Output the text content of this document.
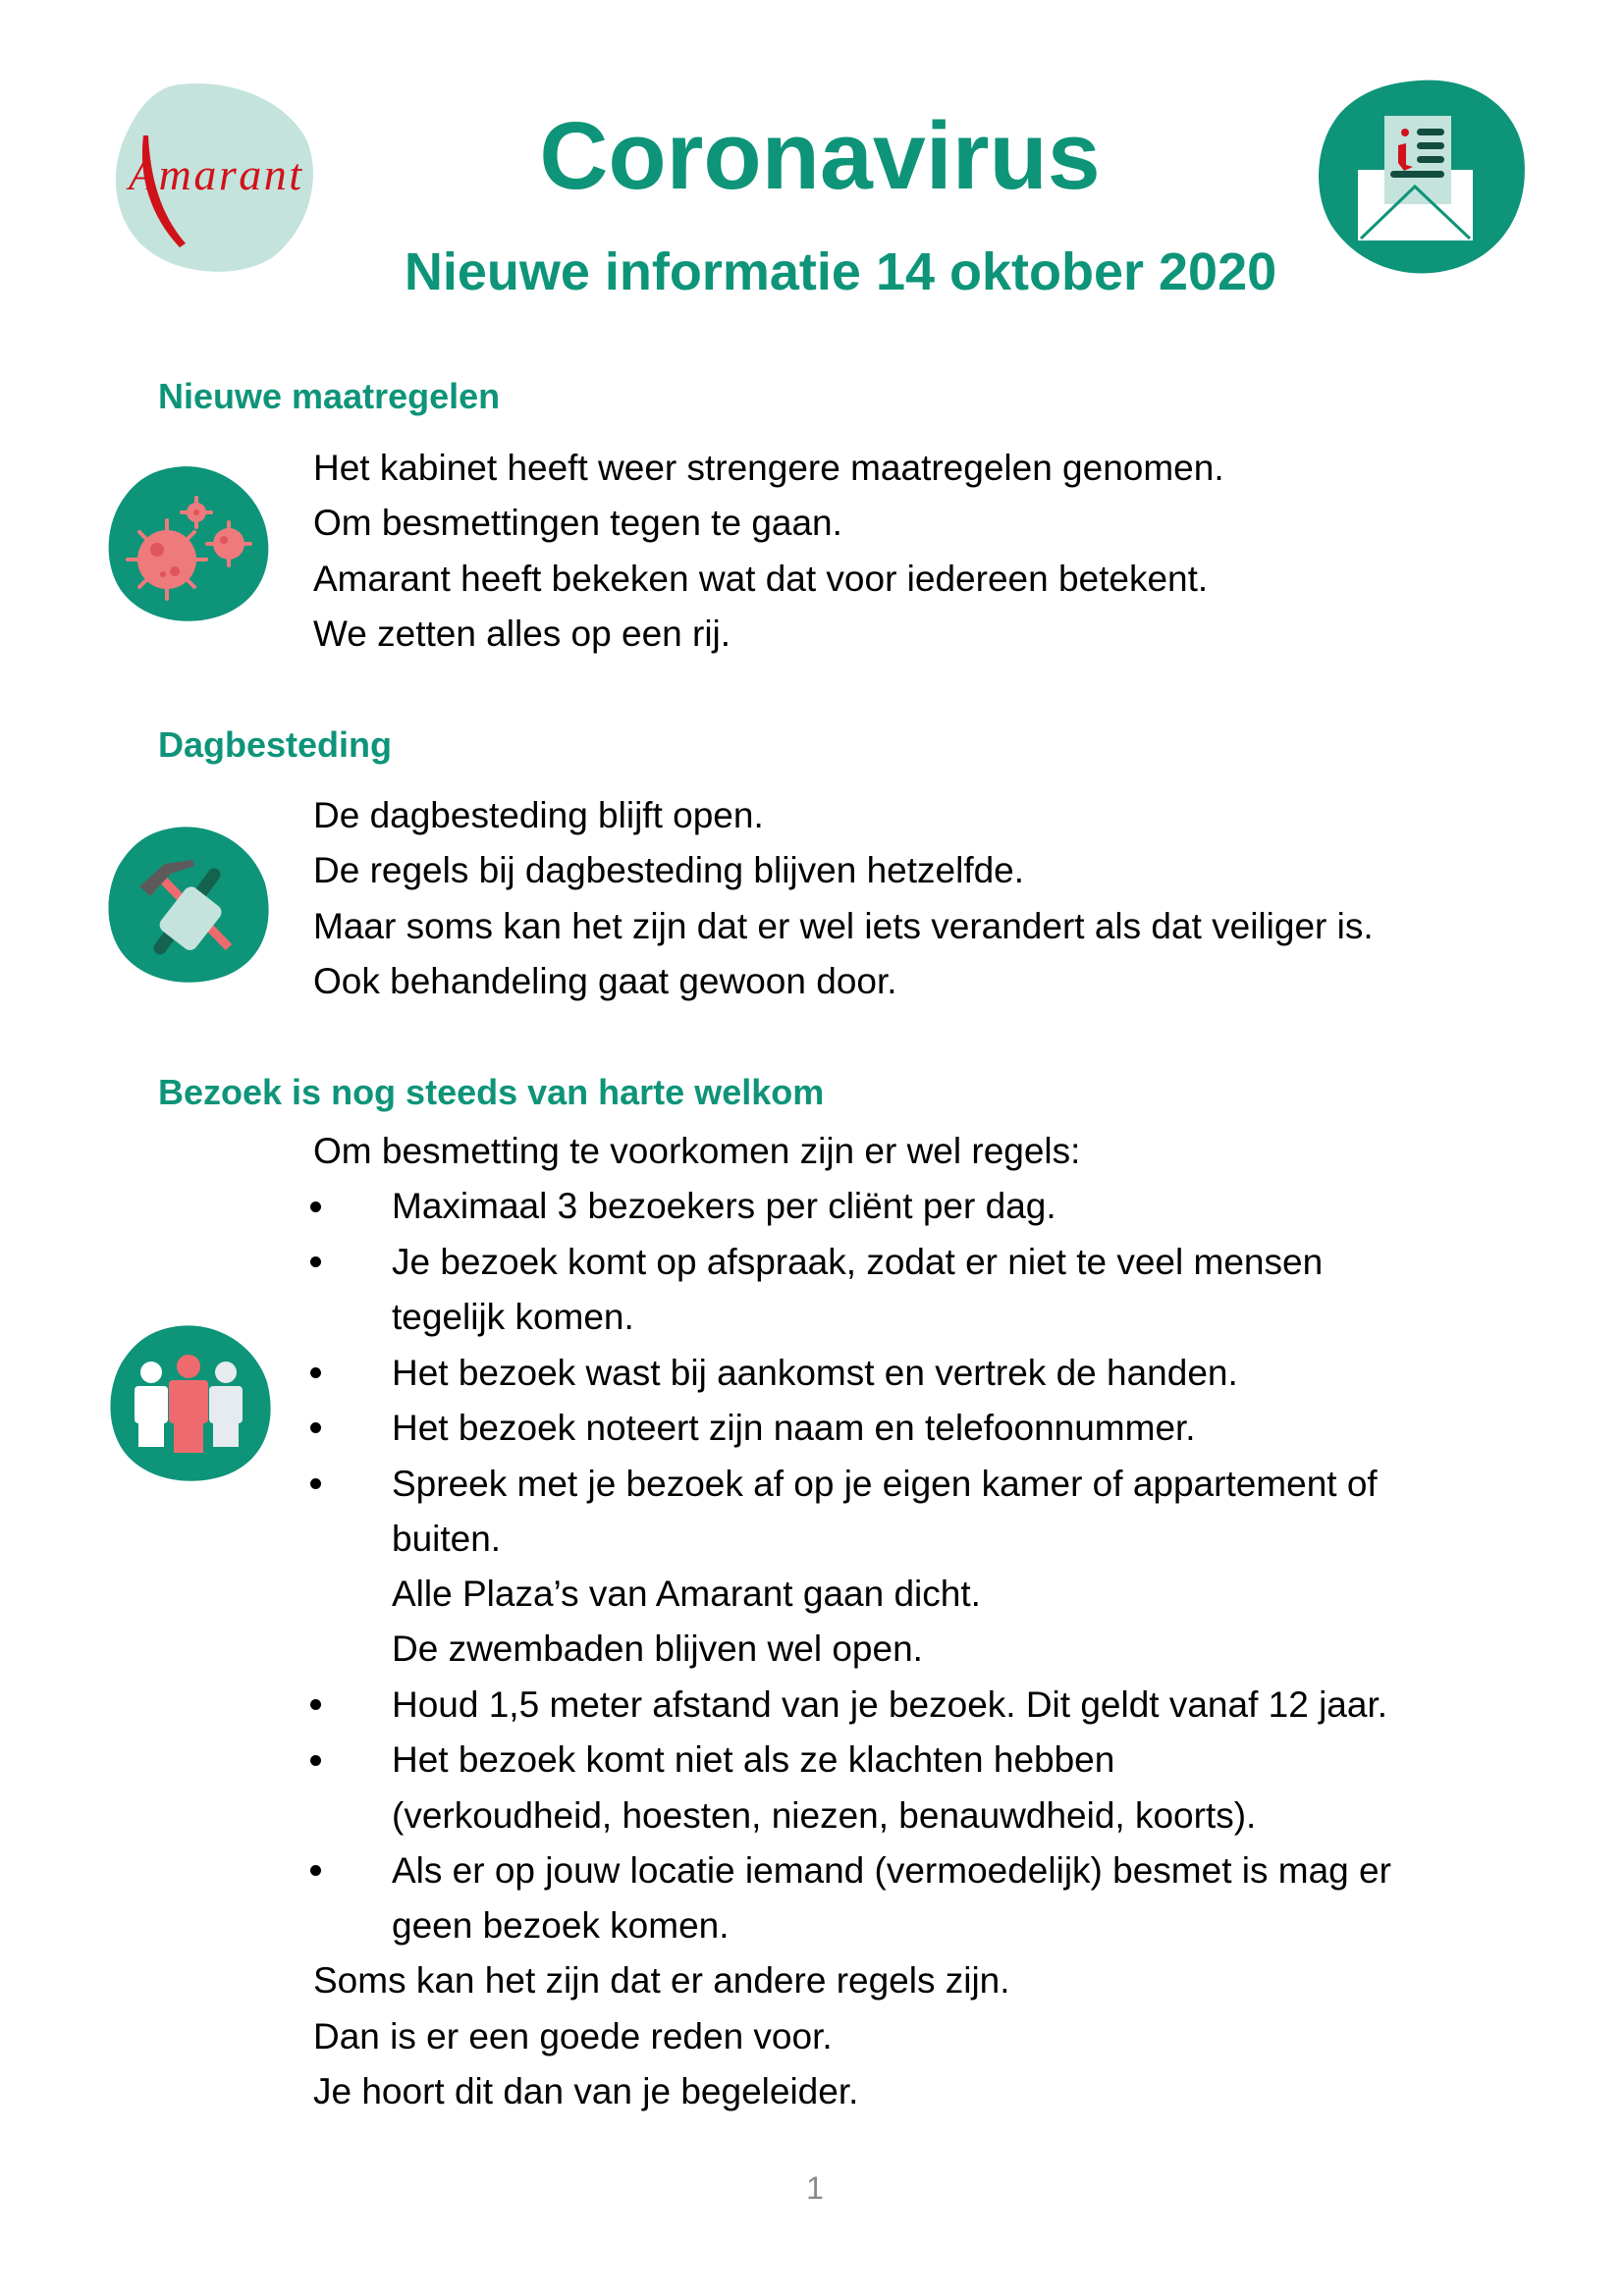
Amarant	Coronavirus
Nieuwe informatie 14 oktober 2020
Nieuwe maatregelen
Het kabinet heeft weer strengere maatregelen genomen.
Om besmettingen tegen te gaan.
Amarant heeft bekeken wat dat voor iedereen betekent.
We zetten alles op een rij.
Dagbesteding
De dagbesteding blijft open.
De regels bij dagbesteding blijven hetzelfde.
Maar soms kan het zijn dat er wel iets verandert als dat veiliger is.
Ook behandeling gaat gewoon door.
Bezoek is nog steeds van harte welkom
Om besmetting te voorkomen zijn er wel regels:
Maximaal 3 bezoekers per cliënt per dag.
Je bezoek komt op afspraak, zodat er niet te veel mensen
tegelijk komen.
Het bezoek wast bij aankomst en vertrek de handen.
Het bezoek noteert zijn naam en telefoonnummer.
Spreek met je bezoek af op je eigen kamer of appartement of
buiten.
Alle Plaza’s van Amarant gaan dicht.
De zwembaden blijven wel open.
Houd 1,5 meter afstand van je bezoek. Dit geldt vanaf 12 jaar.
Het bezoek komt niet als ze klachten hebben
(verkoudheid, hoesten, niezen, benauwdheid, koorts).
Als er op jouw locatie iemand (vermoedelijk) besmet is mag er
geen bezoek komen.
Soms kan het zijn dat er andere regels zijn.
Dan is er een goede reden voor.
Je hoort dit dan van je begeleider.
1
